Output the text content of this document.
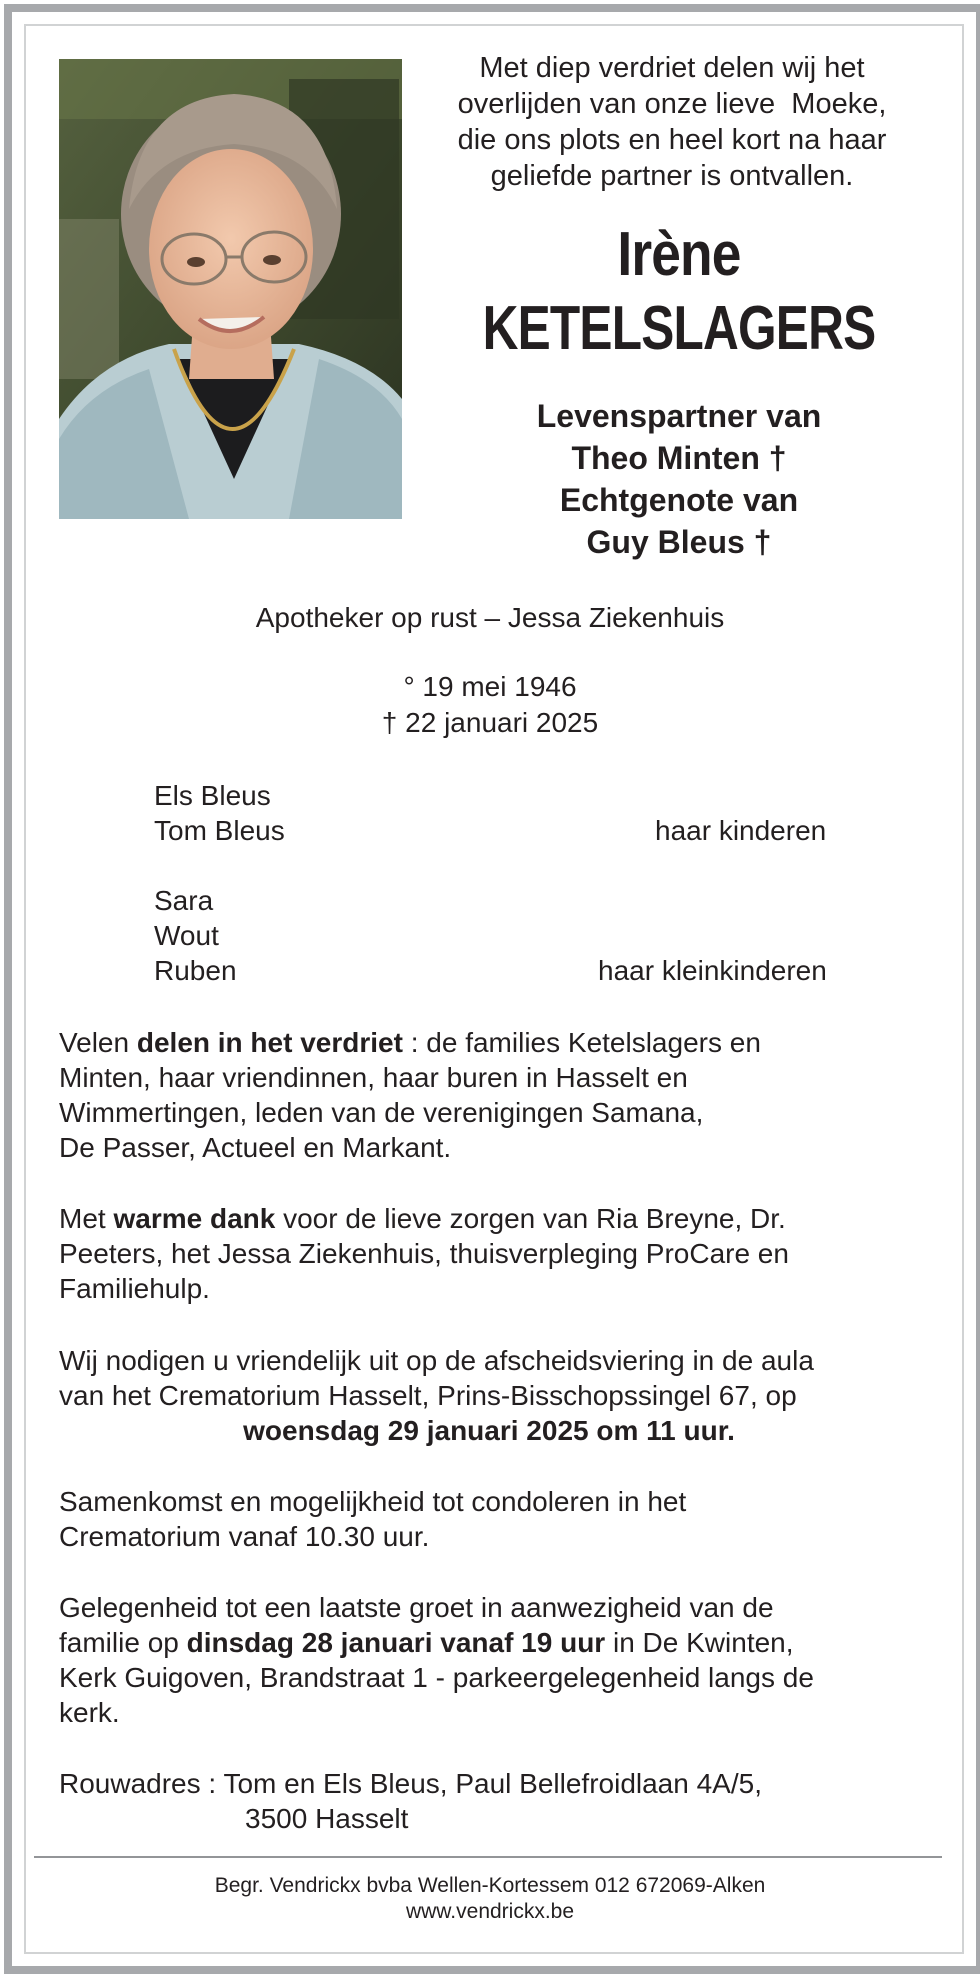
Met diep verdriet delen wij het
overlijden van onze lieve  Moeke,
die ons plots en heel kort na haar
geliefde partner is ontvallen.
Irène
KETELSLAGERS
Levenspartner van
Theo Minten †
Echtgenote van
Guy Bleus †
Apotheker op rust – Jessa Ziekenhuis
° 19 mei 1946
† 22 januari 2025
Els Bleus
Tom Bleus	haar kinderen
Sara
Wout
Ruben	haar kleinkinderen
Velen delen in het verdriet : de families Ketelslagers en
Minten, haar vriendinnen, haar buren in Hasselt en
Wimmertingen, leden van de verenigingen Samana,
De Passer, Actueel en Markant.
Met warme dank voor de lieve zorgen van Ria Breyne, Dr.
Peeters, het Jessa Ziekenhuis, thuisverpleging ProCare en
Familiehulp.
Wij nodigen u vriendelijk uit op de afscheidsviering in de aula
van het Crematorium Hasselt, Prins-Bisschopssingel 67, op
woensdag 29 januari 2025 om 11 uur.
Samenkomst en mogelijkheid tot condoleren in het
Crematorium vanaf 10.30 uur.
Gelegenheid tot een laatste groet in aanwezigheid van de
familie op dinsdag 28 januari vanaf 19 uur in De Kwinten,
Kerk Guigoven, Brandstraat 1 - parkeergelegenheid langs de
kerk.
Rouwadres : Tom en Els Bleus, Paul Bellefroidlaan 4A/5,
3500 Hasselt
Begr. Vendrickx bvba Wellen-Kortessem 012 672069-Alken
www.vendrickx.be
